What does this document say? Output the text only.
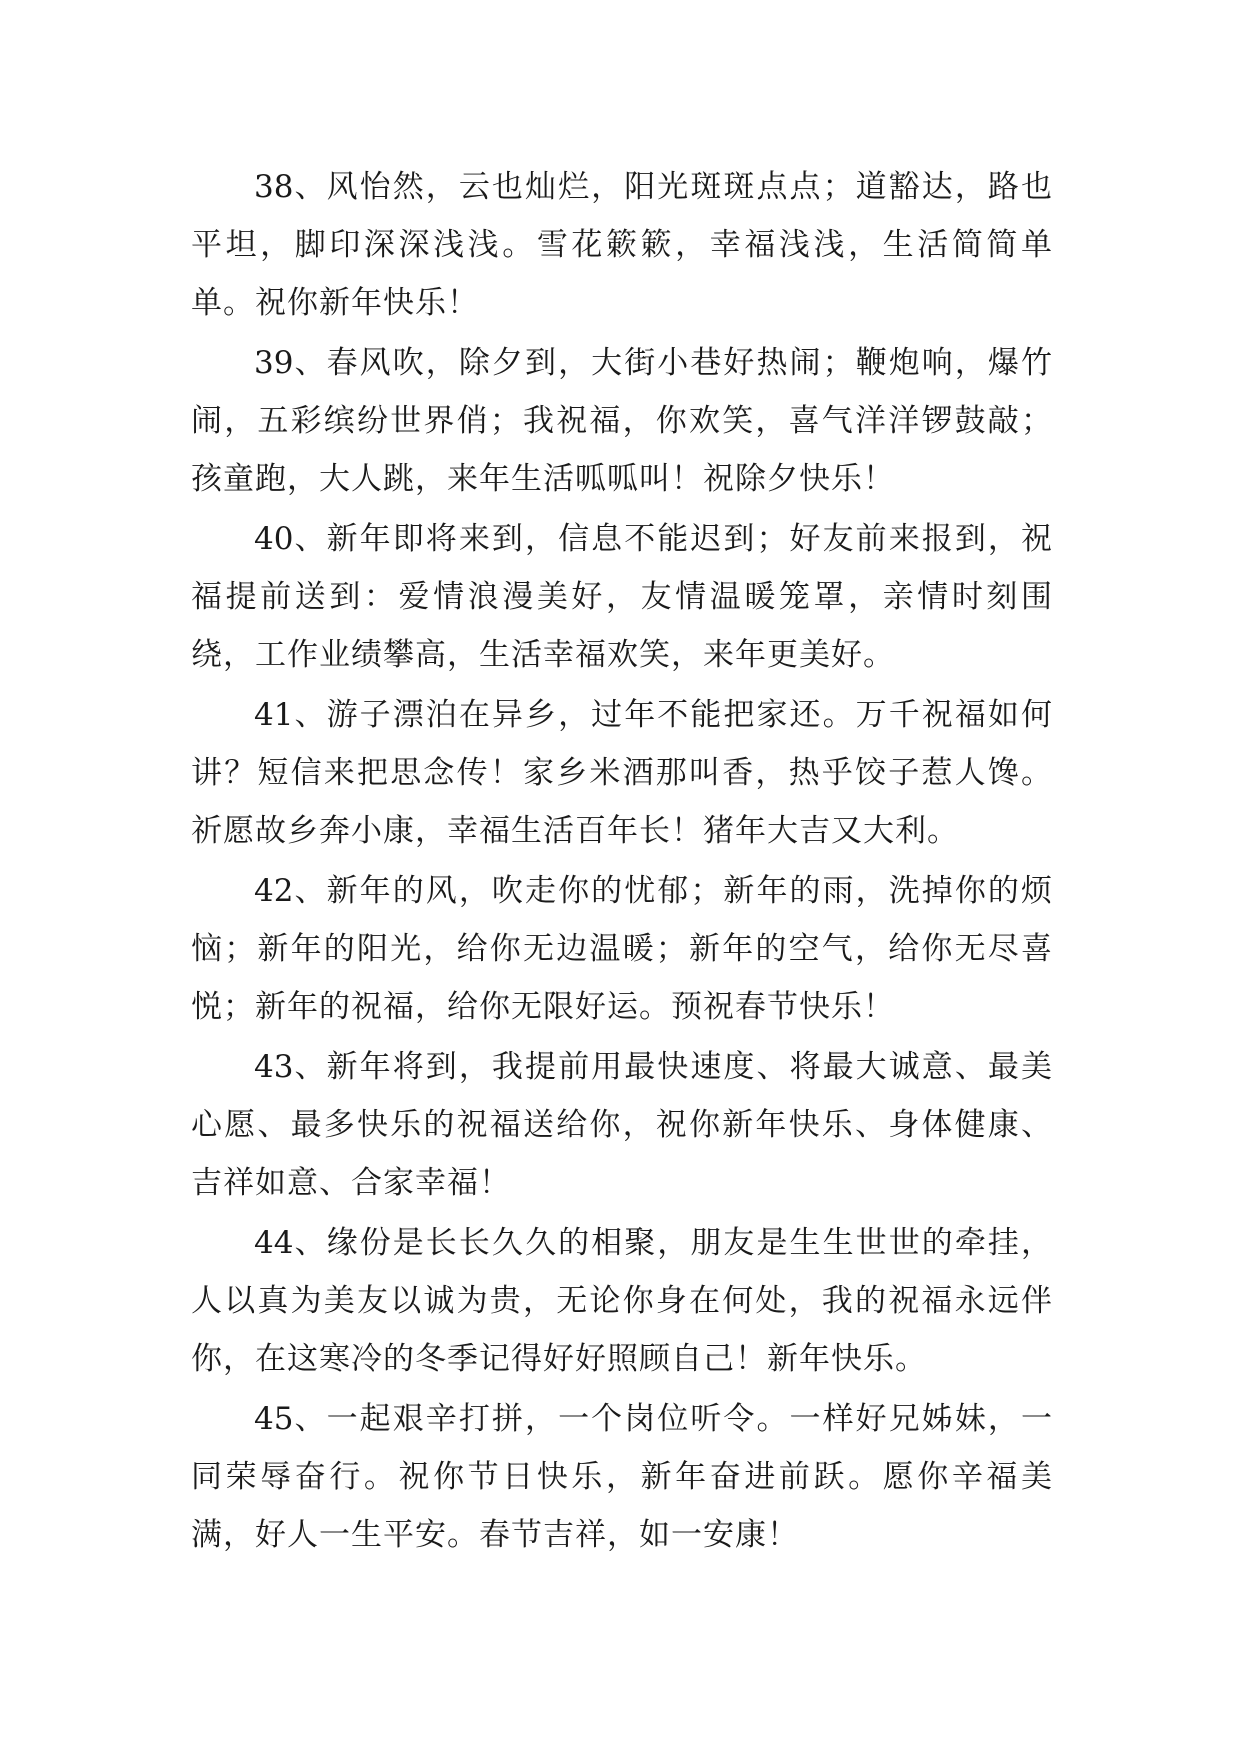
38、风怡然，云也灿烂，阳光斑斑点点；道豁达，路也平坦，脚印深深浅浅。雪花簌簌，幸福浅浅，生活简简单单。祝你新年快乐！

39、春风吹，除夕到，大街小巷好热闹；鞭炮响，爆竹闹，五彩缤纷世界俏；我祝福，你欢笑，喜气洋洋锣鼓敲；孩童跑，大人跳，来年生活呱呱叫！祝除夕快乐！

40、新年即将来到，信息不能迟到；好友前来报到，祝福提前送到：爱情浪漫美好，友情温暖笼罩，亲情时刻围绕，工作业绩攀高，生活幸福欢笑，来年更美好。

41、游子漂泊在异乡，过年不能把家还。万千祝福如何讲？短信来把思念传！家乡米酒那叫香，热乎饺子惹人馋。祈愿故乡奔小康，幸福生活百年长！猪年大吉又大利。

42、新年的风，吹走你的忧郁；新年的雨，洗掉你的烦恼；新年的阳光，给你无边温暖；新年的空气，给你无尽喜悦；新年的祝福，给你无限好运。预祝春节快乐！

43、新年将到，我提前用最快速度、将最大诚意、最美心愿、最多快乐的祝福送给你，祝你新年快乐、身体健康、吉祥如意、合家幸福！

44、缘份是长长久久的相聚，朋友是生生世世的牵挂，人以真为美友以诚为贵，无论你身在何处，我的祝福永远伴你，在这寒冷的冬季记得好好照顾自己！新年快乐。

45、一起艰辛打拼，一个岗位听令。一样好兄姊妹，一同荣辱奋行。祝你节日快乐，新年奋进前跃。愿你辛福美满，好人一生平安。春节吉祥，如一安康！
